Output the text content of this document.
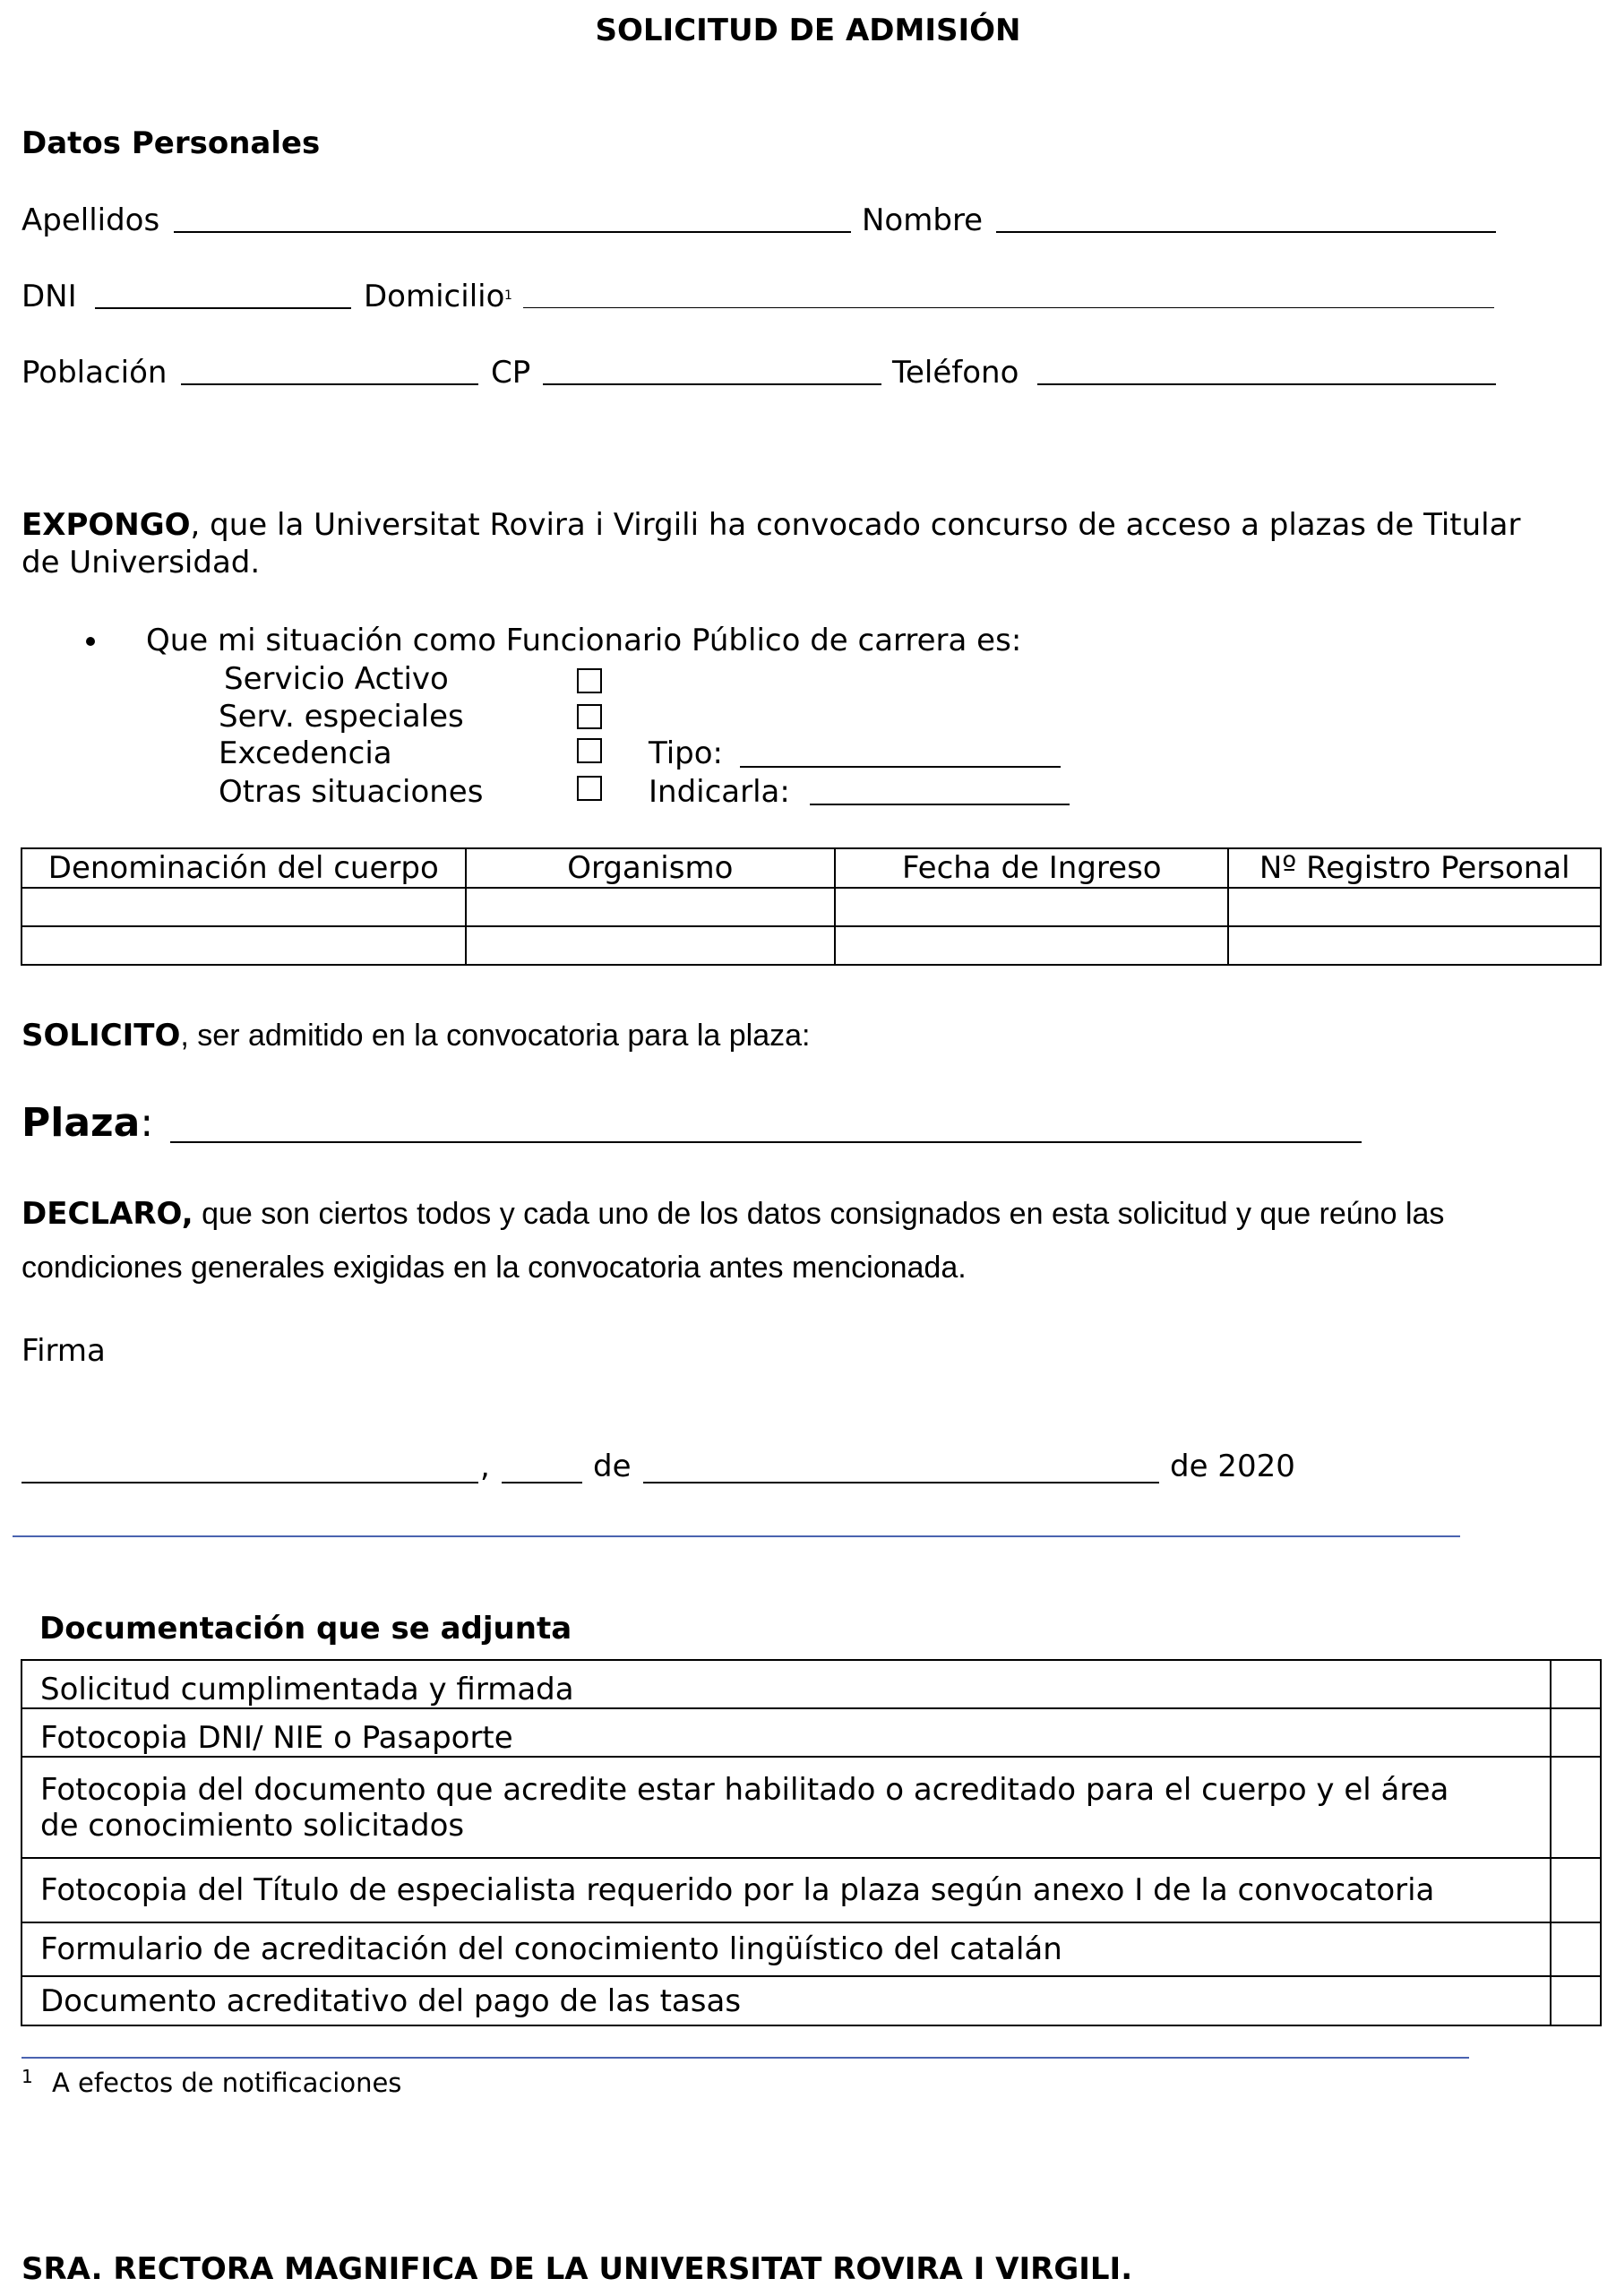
SOLICITUD DE ADMISIÓN
Datos Personales
Apellidos	Nombre
DNI	Domicilio 1
Población	CP	Teléfono
EXPONGO, que la Universitat Rovira i Virgili ha convocado concurso de acceso a plazas de Titular
de Universidad.
Que mi situación como Funcionario Público de carrera es:
Servicio Activo
Serv. especiales
Excedencia	Tipo:
Otras situaciones	Indicarla:
Denominación del cuerpo	Organismo	Fecha de Ingreso	Nº Registro Personal

SOLICITO, ser admitido en la convocatoria para la plaza:
Plaza:
DECLARO, que son ciertos todos y cada uno de los datos consignados en esta solicitud y que reúno las
condiciones generales exigidas en la convocatoria antes mencionada.
Firma
,	de	de 2020
Documentación que se adjunta
Solicitud cumplimentada y firmada	
Fotocopia DNI/ NIE o Pasaporte	

Fotocopia del documento que acredite estar habilitado o acreditado para el cuerpo y el área
de conocimiento solicitados	

Fotocopia del Título de especialista requerido por la plaza según anexo I de la convocatoria	
Formulario de acreditación del conocimiento lingüístico del catalán	
Documento acreditativo del pago de las tasas	
1 A efectos de notificaciones
SRA. RECTORA MAGNIFICA DE LA UNIVERSITAT ROVIRA I VIRGILI.
